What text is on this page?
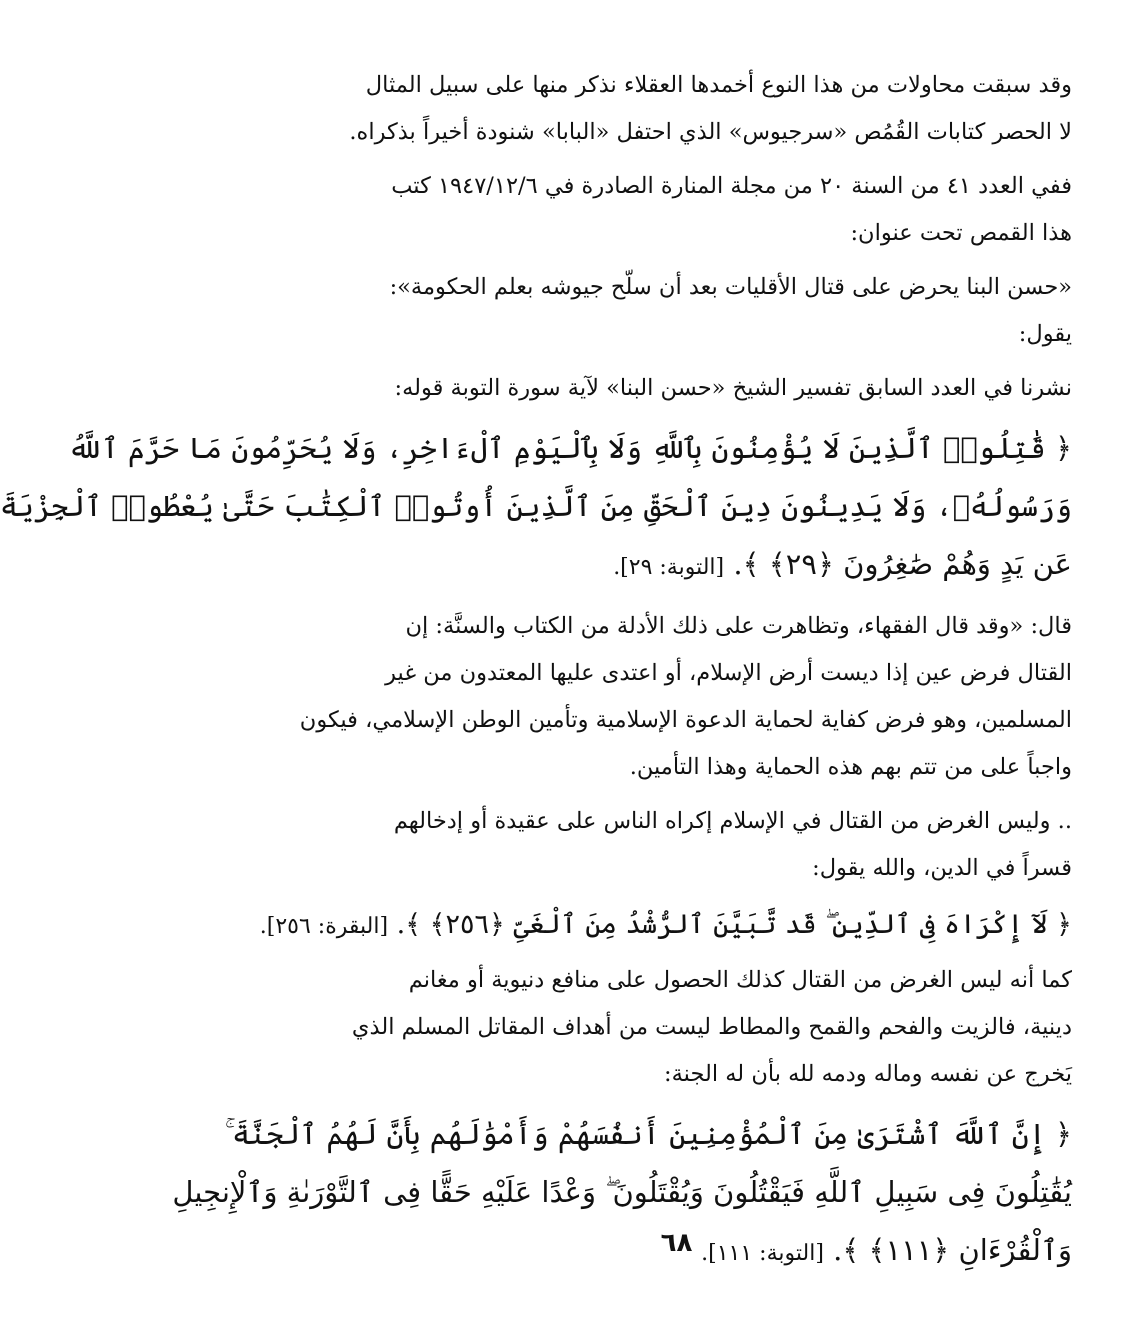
وقد سبقت محاولات من هذا النوع أخمدها العقلاء نذكر منها على سبيل المثال
لا الحصر كتابات القُمُص «سرجيوس» الذي احتفل «البابا» شنودة أخيراً بذكراه.
ففي العدد ٤١ من السنة ٢٠ من مجلة المنارة الصادرة في ١٩٤٧/١٢/٦ كتب
هذا القمص تحت عنوان:
«حسن البنا يحرض على قتال الأقليات بعد أن سلّح جيوشه بعلم الحكومة»:
يقول:
نشرنا في العدد السابق تفسير الشيخ «حسن البنا» لآية سورة التوبة قوله:
﴿ قَٰتِلُوا۟ ٱلَّذِينَ لَا يُؤْمِنُونَ بِٱللَّهِ وَلَا بِٱلْيَوْمِ ٱلْءَاخِرِ، وَلَا يُحَرِّمُونَ مَا حَرَّمَ ٱللَّهُ
وَرَسُولُهُۥ، وَلَا يَدِينُونَ دِينَ ٱلْحَقِّ مِنَ ٱلَّذِينَ أُوتُوا۟ ٱلْكِتَٰبَ حَتَّىٰ يُعْطُوا۟ ٱلْجِزْيَةَ
عَن يَدٍ وَهُمْ صَٰغِرُونَ ﴿٢٩﴾ ﴾. [التوبة: ٢٩].
قال: «وقد قال الفقهاء، وتظاهرت على ذلك الأدلة من الكتاب والسنَّة: إن
القتال فرض عين إذا ديست أرض الإسلام، أو اعتدى عليها المعتدون من غير
المسلمين، وهو فرض كفاية لحماية الدعوة الإسلامية وتأمين الوطن الإسلامي، فيكون
واجباً على من تتم بهم هذه الحماية وهذا التأمين.
.. وليس الغرض من القتال في الإسلام إكراه الناس على عقيدة أو إدخالهم
قسراً في الدين، والله يقول:
﴿ لَآ إِكْرَاهَ فِى ٱلدِّينِ ۖ قَد تَّبَيَّنَ ٱلرُّشْدُ مِنَ ٱلْغَىِّ ﴿٢٥٦﴾ ﴾. [البقرة: ٢٥٦].
كما أنه ليس الغرض من القتال كذلك الحصول على منافع دنيوية أو مغانم
دينية، فالزيت والفحم والقمح والمطاط ليست من أهداف المقاتل المسلم الذي
يَخرج عن نفسه وماله ودمه لله بأن له الجنة:
﴿ إِنَّ ٱللَّهَ ٱشْتَرَىٰ مِنَ ٱلْمُؤْمِنِينَ أَنفُسَهُمْ وَأَمْوَٰلَهُم بِأَنَّ لَهُمُ ٱلْجَنَّةَ ۚ
يُقَٰتِلُونَ فِى سَبِيلِ ٱللَّهِ فَيَقْتُلُونَ وَيُقْتَلُونَ ۖ وَعْدًا عَلَيْهِ حَقًّا فِى ٱلتَّوْرَىٰةِ وَٱلْإِنجِيلِ
وَٱلْقُرْءَانِ ﴿١١١﴾ ﴾. [التوبة: ١١١].
٦٨
